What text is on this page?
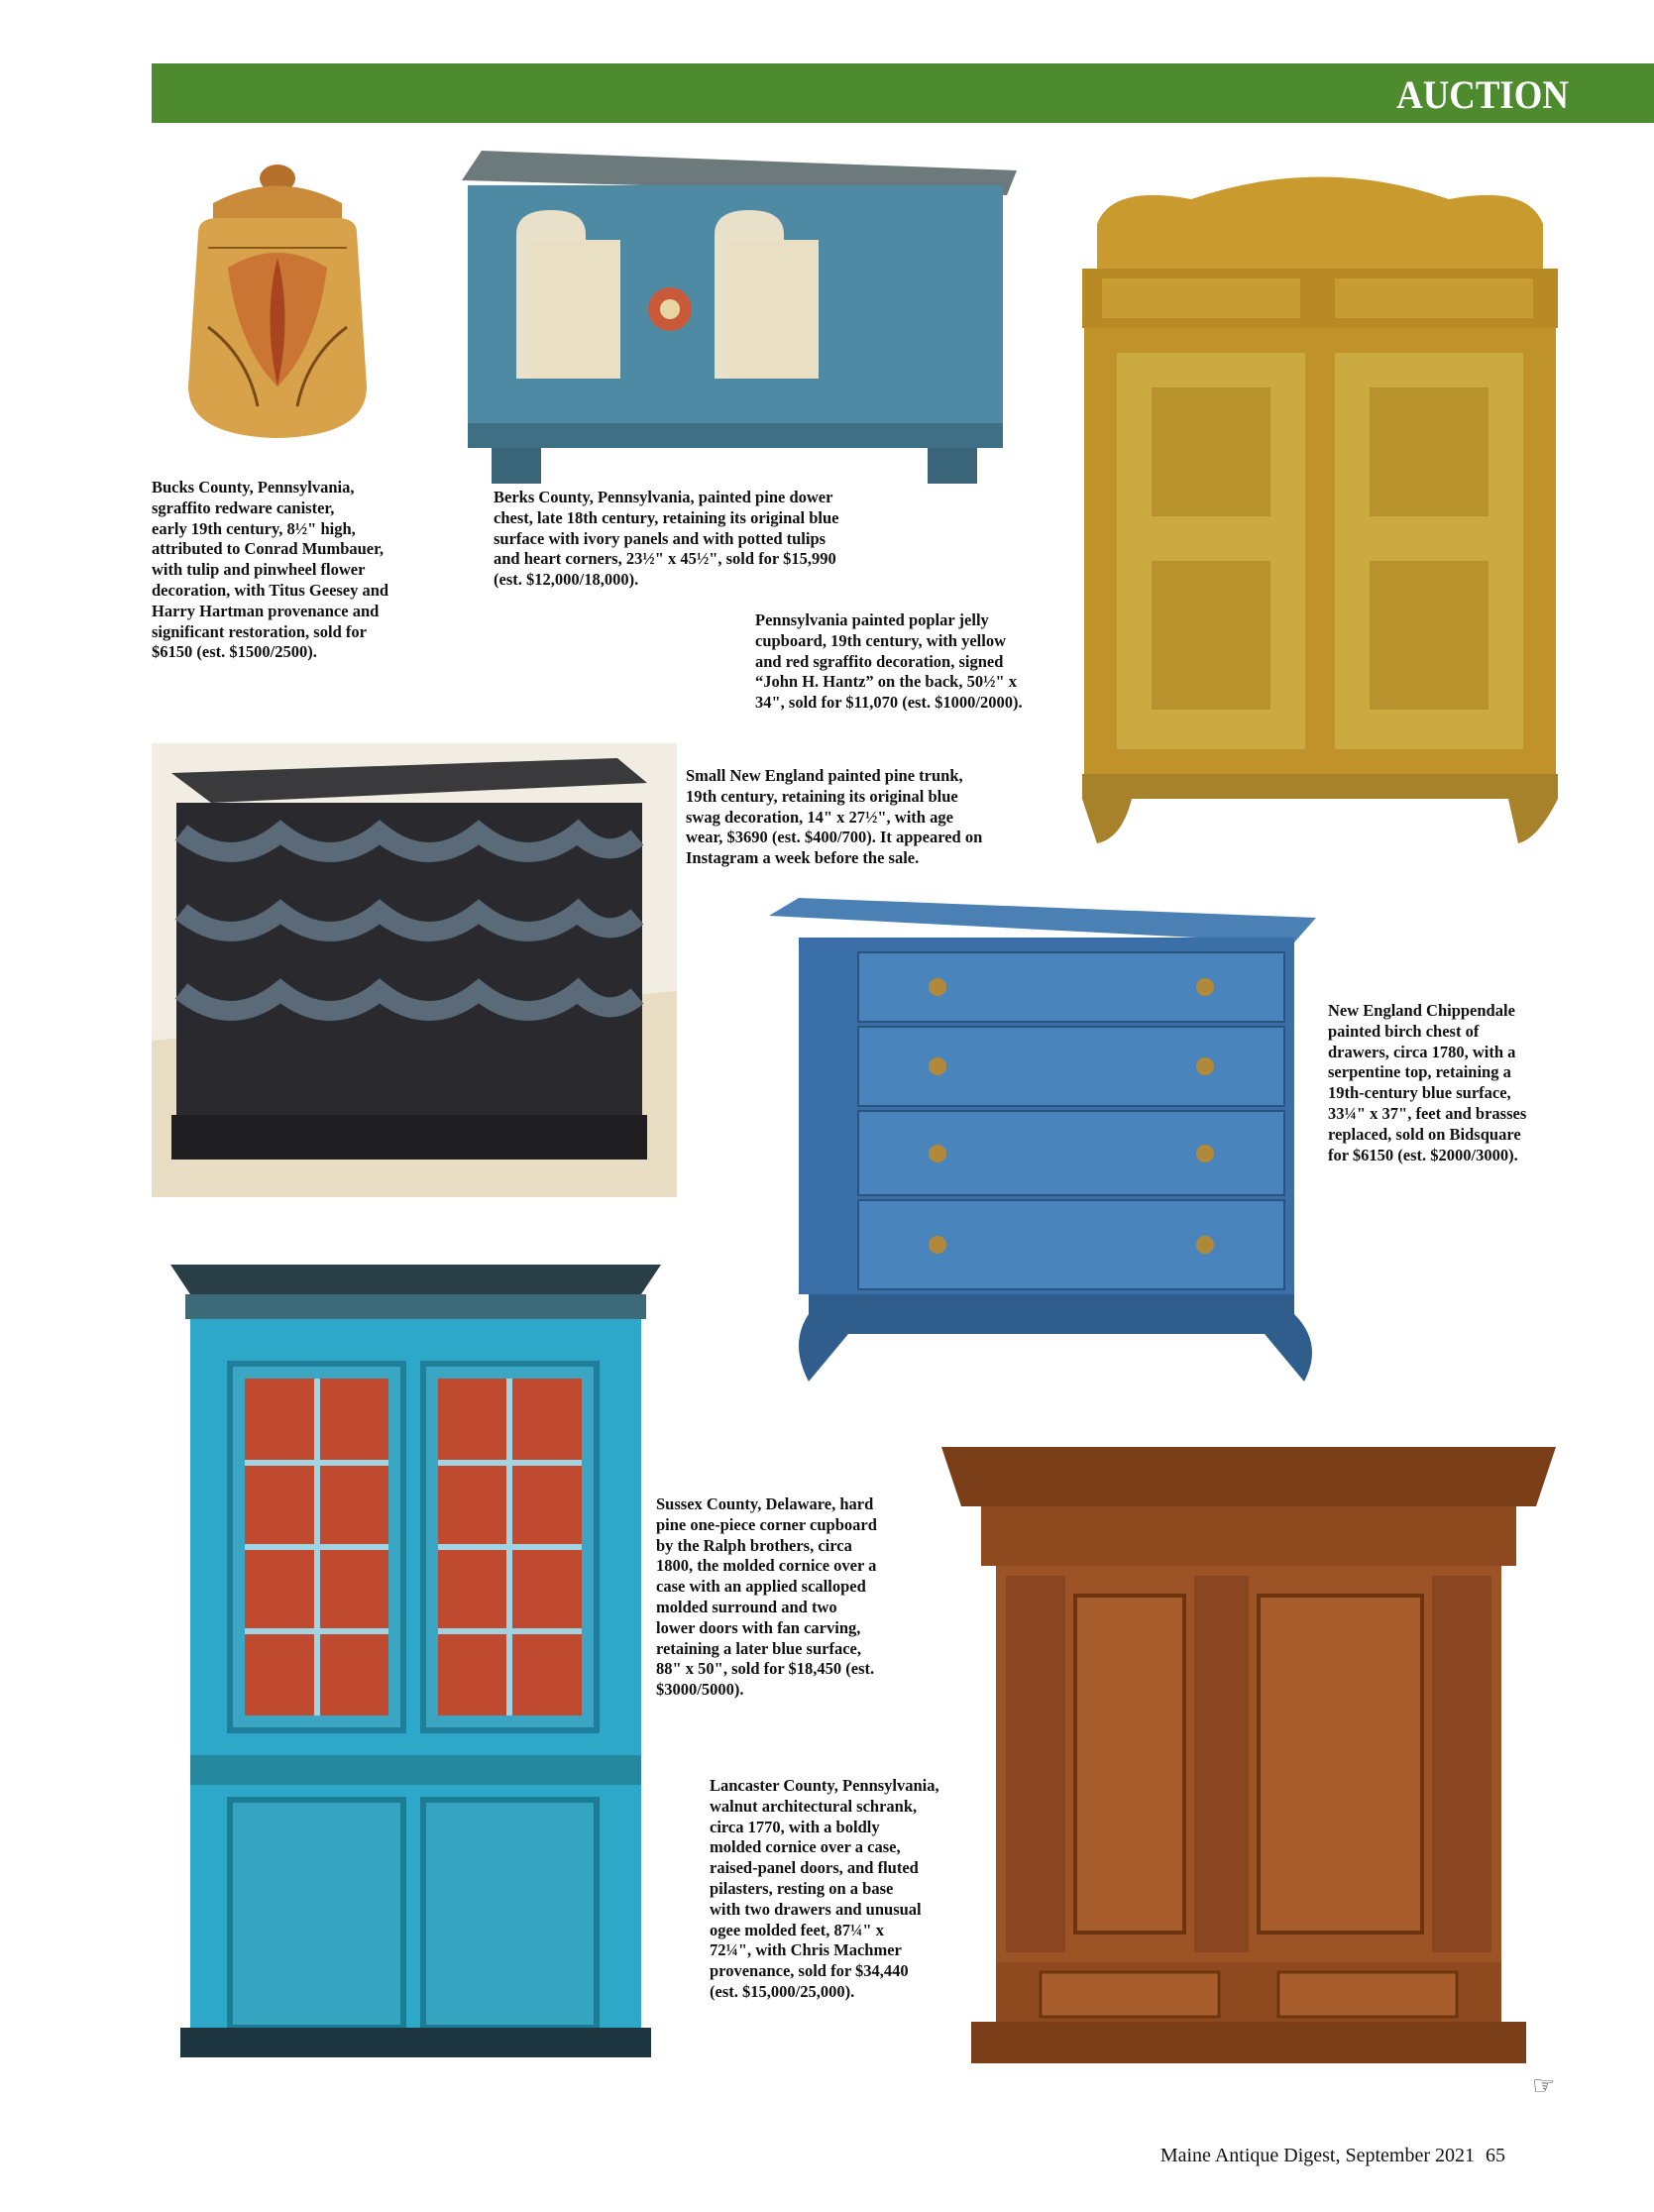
AUCTION
Bucks County, Pennsylvania,
sgraffito redware canister,
early 19th century, 8½" high,
attributed to Conrad Mumbauer,
with tulip and pinwheel flower
decoration, with Titus Geesey and
Harry Hartman provenance and
significant restoration, sold for
$6150 (est. $1500/2500).
Berks County, Pennsylvania, painted pine dower
chest, late 18th century, retaining its original blue
surface with ivory panels and with potted tulips
and heart corners, 23½" x 45½", sold for $15,990
(est. $12,000/18,000).
Pennsylvania painted poplar jelly
cupboard, 19th century, with yellow
and red sgraffito decoration, signed
“John H. Hantz” on the back, 50½" x
34", sold for $11,070 (est. $1000/2000).
Small New England painted pine trunk,
19th century, retaining its original blue
swag decoration, 14" x 27½", with age
wear, $3690 (est. $400/700). It appeared on
Instagram a week before the sale.
New England Chippendale
painted birch chest of
drawers, circa 1780, with a
serpentine top, retaining a
19th-century blue surface,
33¼" x 37", feet and brasses
replaced, sold on Bidsquare
for $6150 (est. $2000/3000).
Sussex County, Delaware, hard
pine one-piece corner cupboard
by the Ralph brothers, circa
1800, the molded cornice over a
case with an applied scalloped
molded surround and two
lower doors with fan carving,
retaining a later blue surface,
88" x 50", sold for $18,450 (est.
$3000/5000).
Lancaster County, Pennsylvania,
walnut architectural schrank,
circa 1770, with a boldly
molded cornice over a case,
raised-panel doors, and fluted
pilasters, resting on a base
with two drawers and unusual
ogee molded feet, 87¼" x
72¼", with Chris Machmer
provenance, sold for $34,440
(est. $15,000/25,000).
☞
Maine Antique Digest, September 2021 65
